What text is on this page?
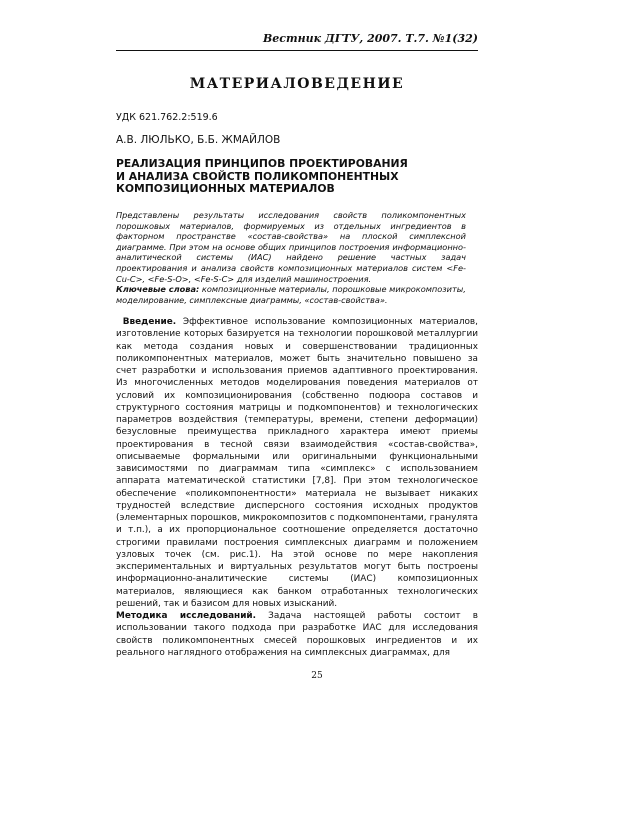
Вестник ДГТУ, 2007. Т.7. №1(32)
МАТЕРИАЛОВЕДЕНИЕ
УДК 621.762.2:519.6
А.В. ЛЮЛЬКО, Б.Б. ЖМАЙЛОВ
РЕАЛИЗАЦИЯ ПРИНЦИПОВ ПРОЕКТИРОВАНИЯ
И АНАЛИЗА СВОЙСТВ ПОЛИКОМПОНЕНТНЫХ
КОМПОЗИЦИОННЫХ МАТЕРИАЛОВ
Представлены результаты исследования свойств поликомпонентных порошковых материалов, формируемых из отдельных ингредиентов в факторном пространстве «состав-свойства» на плоской симплексной диаграмме. При этом на основе общих принципов построения информационно-аналитической системы (ИАС) найдено решение частных задач проектирования и анализа свойств композиционных материалов систем <Fe-Cu-C>, <Fe-S-O>, <Fe-S-C> для изделий машиностроения.
Ключевые слова: композиционные материалы, порошковые микрокомпозиты, моделирование, симплексные диаграммы, «состав-свойства».

Введение. Эффективное использование композиционных материалов, изготовление которых базируется на технологии порошковой металлургии как метода создания новых и совершенствовании традиционных поликомпонентных материалов, может быть значительно повышено за счет разработки и использования приемов адаптивного проектирования. Из многочисленных методов моделирования поведения материалов от условий их композиционирования (собственно подюора составов и структурного состояния матрицы и подкомпонентов) и технологических параметров воздействия (температуры, времени, степени деформации) безусловные преимущества прикладного характера имеют приемы проектирования в тесной связи взаимодействия «состав-свойства», описываемые формальными или оригинальными функциональными зависимостями по диаграммам типа «симплекс» с использованием аппарата математической статистики [7,8]. При этом технологическое обеспечение «поликомпонентности» материала не вызывает никаких трудностей вследствие дисперсного состояния исходных продуктов (элементарных порошков, микрокомпозитов с подкомпонентами, гранулята и т.п.), а их пропорциональное соотношение определяется достаточно строгими правилами построения симплексных диаграмм и положением узловых точек (см. рис.1). На этой основе по мере накопления экспериментальных и виртуальных результатов могут быть построены информационно-аналитические системы (ИАС) композиционных материалов, являющиеся как банком отработанных технологических решений, так и базисом для новых изысканий.

Методика исследований. Задача настоящей работы состоит в использовании такого подхода при разработке ИАС для исследования свойств поликомпонентных смесей порошковых ингредиентов и их реального наглядного отображения на симплексных диаграммах, для

25
